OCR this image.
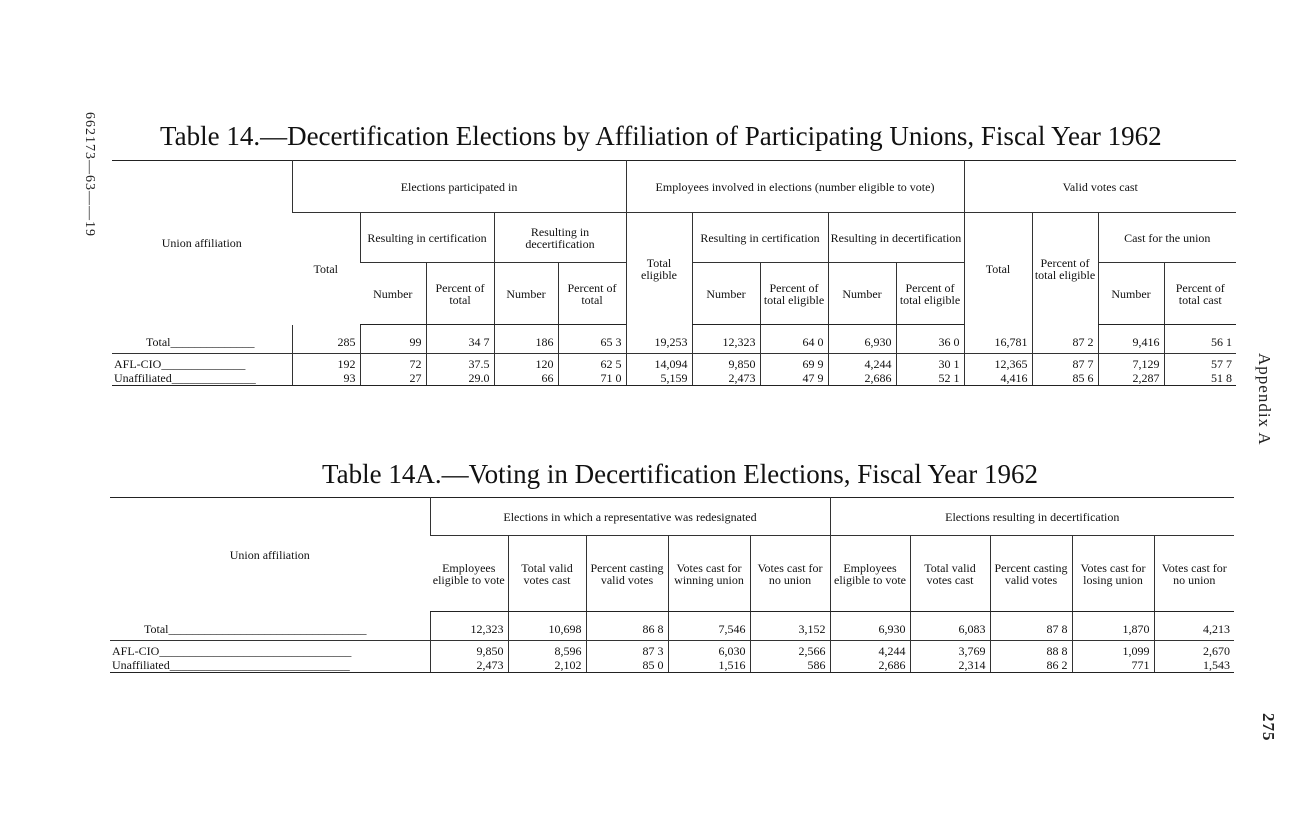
662173—63——19
Appendix A
275
Table 14.—Decertification Elections by Affiliation of Participating Unions, Fiscal Year 1962
Union affiliation	Elections participated in					Employees involved in elections (number eligible to vote)					Valid votes cast			
	Total	Resulting in certification		Resulting in decertification		Total eligible	Resulting in certification		Resulting in decertification		Total	Percent of total eligible	Cast for the union	
		Number	Percent of total	Number	Percent of total		Number	Percent of total eligible	Number	Percent of total eligible			Number	Percent of total cast
Total______________	285	99	34 7	186	65 3	19,253	12,323	64 0	6,930	36 0	16,781	87 2	9,416	56 1
AFL-CIO______________	192	72	37.5	120	62 5	14,094	9,850	69 9	4,244	30 1	12,365	87 7	7,129	57 7
Unaffiliated______________	93	27	29.0	66	71 0	5,159	2,473	47 9	2,686	52 1	4,416	85 6	2,287	51 8
Table 14A.—Voting in Decertification Elections, Fiscal Year 1962
Union affiliation	Elections in which a representative was redesignated					Elections resulting in decertification				
	Employees eligible to vote	Total valid votes cast	Percent casting valid votes	Votes cast for winning union	Votes cast for no union	Employees eligible to vote	Total valid votes cast	Percent casting valid votes	Votes cast for losing union	Votes cast for no union
Total_________________________________	12,323	10,698	86 8	7,546	3,152	6,930	6,083	87 8	1,870	4,213
AFL-CIO________________________________	9,850	8,596	87 3	6,030	2,566	4,244	3,769	88 8	1,099	2,670
Unaffiliated______________________________	2,473	2,102	85 0	1,516	586	2,686	2,314	86 2	771	1,543
